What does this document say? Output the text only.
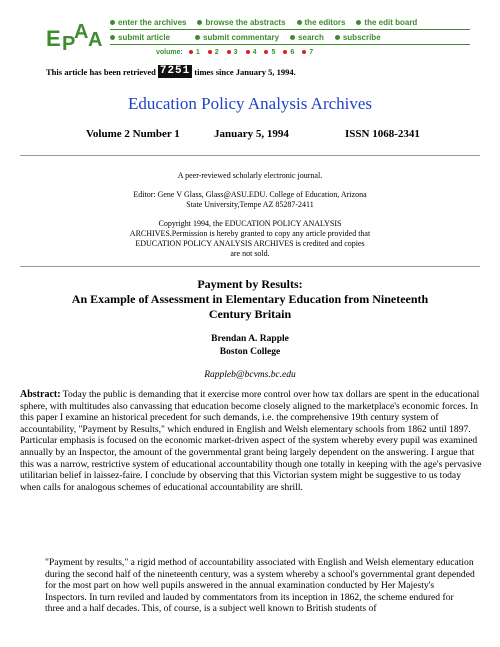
E P
A A
enter the archives browse the abstracts the editors the edit board
submit article	submit commentary search subscribe
volume: 1 2 3 4 5 6 7
This article has been retrieved 7251 times since January 5, 1994.
Education Policy Analysis Archives
Volume 2 Number 1	January 5, 1994	ISSN 1068-2341
A peer-reviewed scholarly electronic journal.
Editor: Gene V Glass, Glass@ASU.EDU. College of Education, Arizona
State University,Tempe AZ 85287-2411
Copyright 1994, the EDUCATION POLICY ANALYSIS
ARCHIVES.Permission is hereby granted to copy any article provided that
EDUCATION POLICY ANALYSIS ARCHIVES is credited and copies
are not sold.
Payment by Results:
An Example of Assessment in Elementary Education from Nineteenth
Century Britain
Brendan A. Rapple
Boston College
Rappleb@bcvms.bc.edu
Abstract: Today the public is demanding that it exercise more control over how tax dollars are spent in the educational sphere, with multitudes also canvassing that education become closely aligned to the marketplace's economic forces. In this paper I examine an historical precedent for such demands, i.e. the comprehensive 19th century system of accountability, "Payment by Results," which endured in English and Welsh elementary schools from 1862 until 1897. Particular emphasis is focused on the economic market-driven aspect of the system whereby every pupil was examined annually by an Inspector, the amount of the governmental grant being largely dependent on the answering. I argue that this was a narrow, restrictive system of educational accountability though one totally in keeping with the age's pervasive utilitarian belief in laissez-faire. I conclude by observing that this Victorian system might be suggestive to us today when calls for analogous schemes of educational accountability are shrill.
"Payment by results," a rigid method of accountability associated with English and Welsh elementary education during the second half of the nineteenth century, was a system whereby a school's governmental grant depended for the most part on how well pupils answered in the annual examination conducted by Her Majesty's Inspectors. In turn reviled and lauded by commentators from its inception in 1862, the scheme endured for three and a half decades. This, of course, is a subject well known to British students of
